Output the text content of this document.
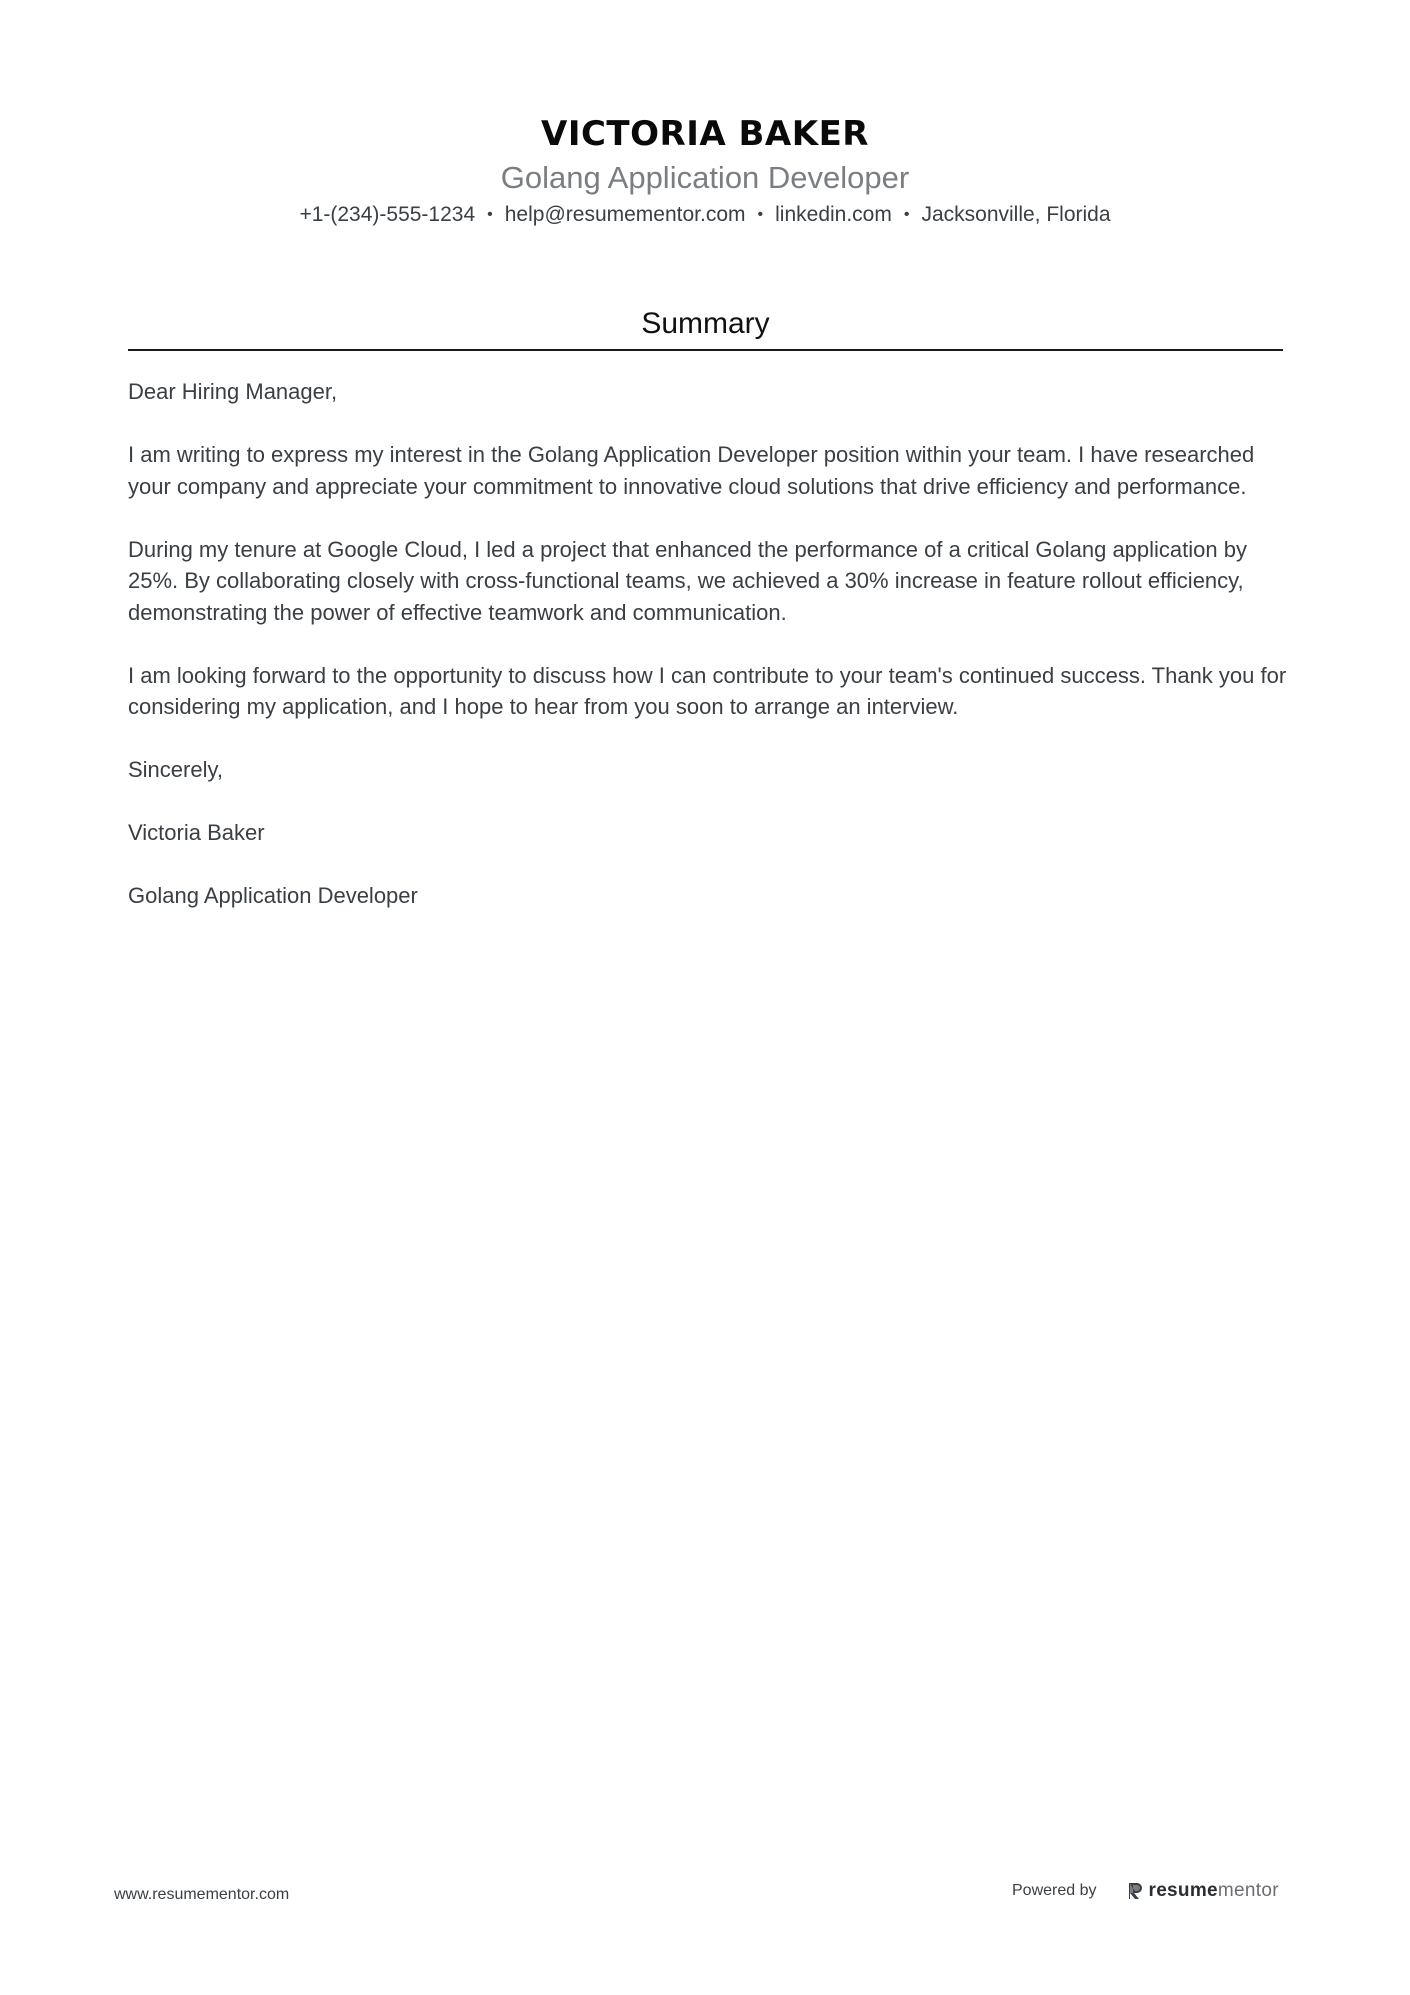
VICTORIA BAKER
Golang Application Developer
+1-(234)-555-1234 • help@resumementor.com • linkedin.com • Jacksonville, Florida
Summary

Dear Hiring Manager,

I am writing to express my interest in the Golang Application Developer position within your team. I have researched your company and appreciate your commitment to innovative cloud solutions that drive efficiency and performance.

During my tenure at Google Cloud, I led a project that enhanced the performance of a critical Golang application by 25%. By collaborating closely with cross-functional teams, we achieved a 30% increase in feature rollout efficiency, demonstrating the power of effective teamwork and communication.

I am looking forward to the opportunity to discuss how I can contribute to your team's continued success. Thank you for considering my application, and I hope to hear from you soon to arrange an interview.

Sincerely,

Victoria Baker

Golang Application Developer

www.resumementor.com	Powered by	resumementor
